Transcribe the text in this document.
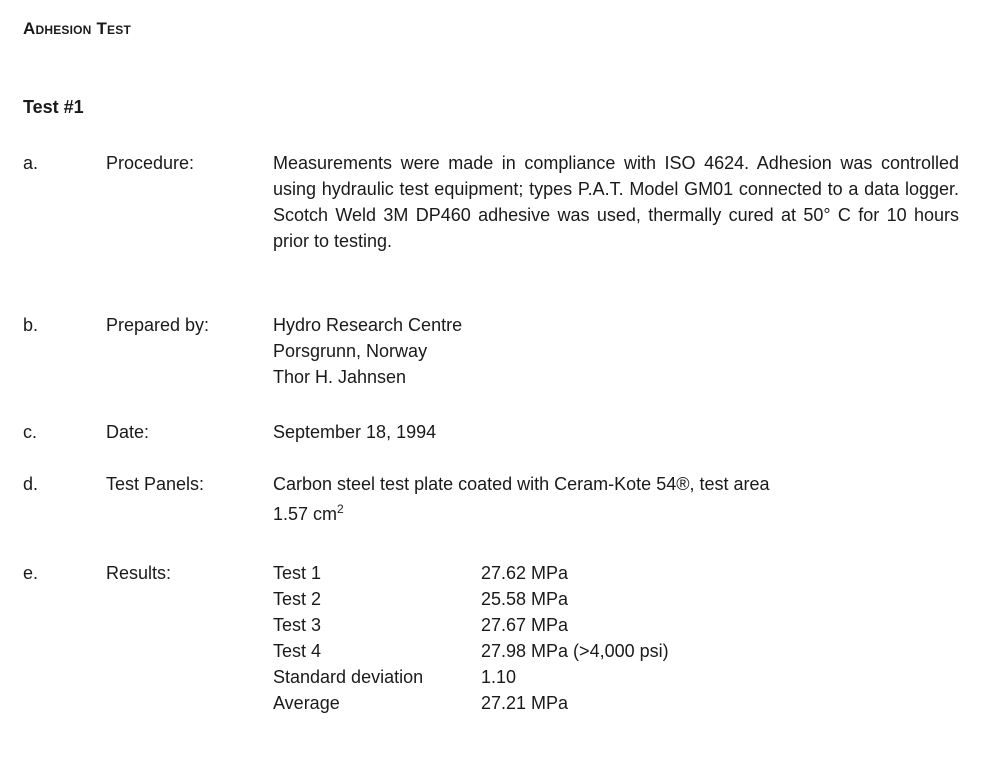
Adhesion Test
Test #1
a.	Procedure:	Measurements were made in compliance with ISO 4624. Adhesion was controlled using hydraulic test equipment; types P.A.T. Model GM01 connected to a data logger. Scotch Weld 3M DP460 adhesive was used, thermally cured at 50° C for 10 hours prior to testing.
b.	Prepared by:	Hydro Research Centre
Porsgrunn, Norway
Thor H. Jahnsen
c.	Date:	September 18, 1994
d.	Test Panels:	Carbon steel test plate coated with Ceram-Kote 54®, test area
1.57 $cm^2$
e.	Results:	Test 1	27.62 MPa
Test 2	25.58 MPa
Test 3	27.67 MPa
Test 4	27.98 MPa (>4,000 psi)
Standard deviation	1.10
Average	27.21 MPa
